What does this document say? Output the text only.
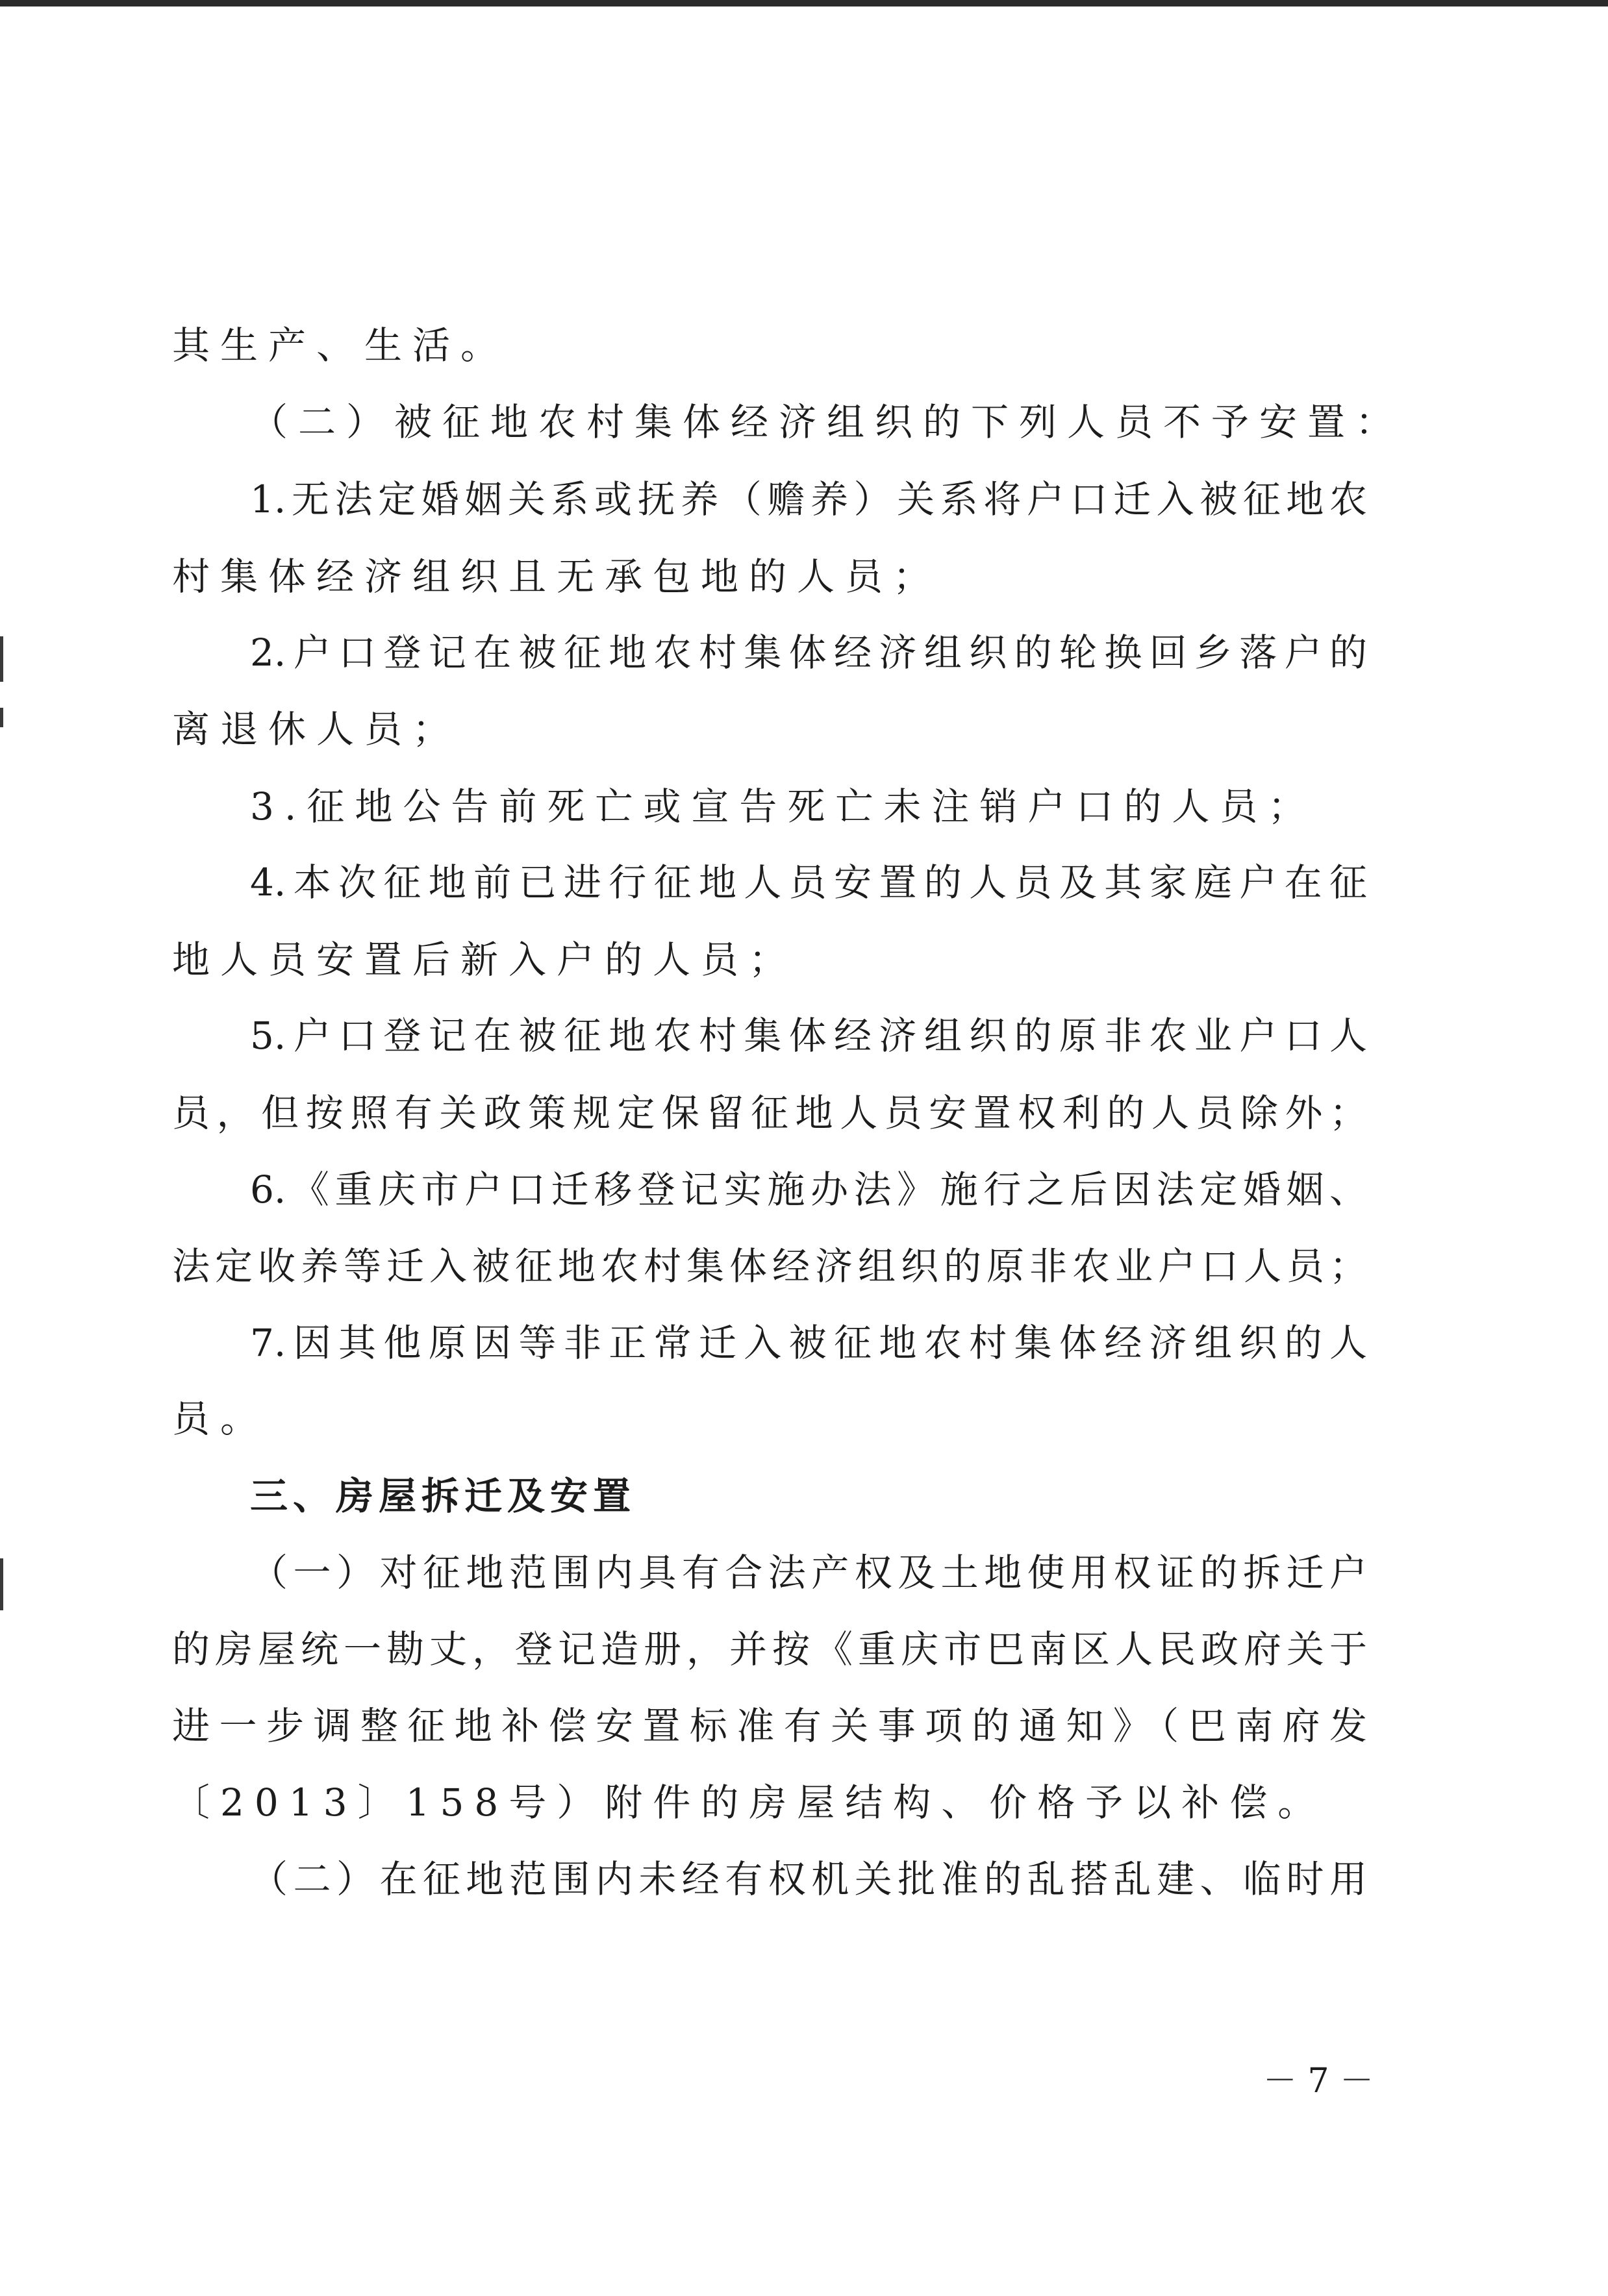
其生产、生活。
（二）被征地农村集体经济组织的下列人员不予安置：
1.无法定婚姻关系或抚养（赡养）关系将户口迁入被征地农
村集体经济组织且无承包地的人员；
2.户口登记在被征地农村集体经济组织的轮换回乡落户的
离退休人员；
3.征地公告前死亡或宣告死亡未注销户口的人员；
4.本次征地前已进行征地人员安置的人员及其家庭户在征
地人员安置后新入户的人员；
5.户口登记在被征地农村集体经济组织的原非农业户口人
员，但按照有关政策规定保留征地人员安置权利的人员除外；
6.《重庆市户口迁移登记实施办法》施行之后因法定婚姻、
法定收养等迁入被征地农村集体经济组织的原非农业户口人员；
7.因其他原因等非正常迁入被征地农村集体经济组织的人
员。
三、房屋拆迁及安置
（一）对征地范围内具有合法产权及土地使用权证的拆迁户
的房屋统一勘丈，登记造册，并按《重庆市巴南区人民政府关于
进一步调整征地补偿安置标准有关事项的通知》（巴南府发
〔2013〕158号）附件的房屋结构、价格予以补偿。
（二）在征地范围内未经有权机关批准的乱搭乱建、临时用
－ 7 －
